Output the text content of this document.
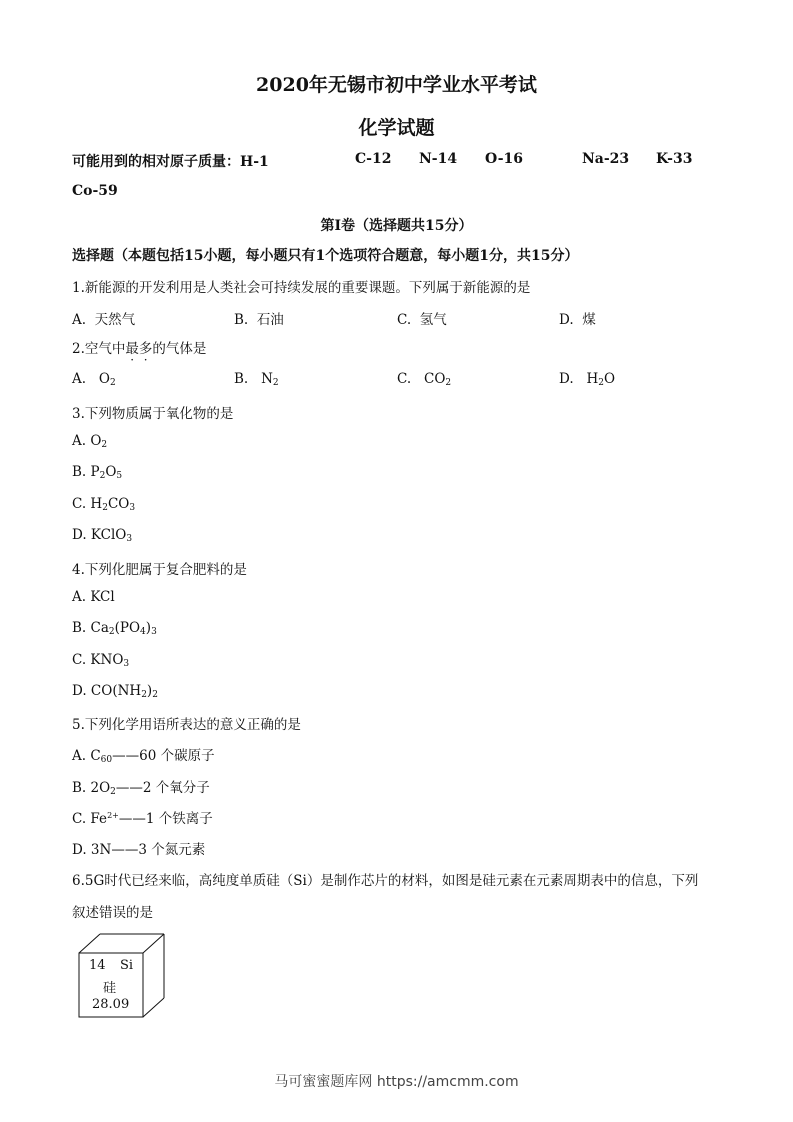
2020年无锡市初中学业水平考试
化学试题
可能用到的相对原子质量：H-1	C-12 N-14 O-16	Na-23 K-33
Co-59
第I卷（选择题共15分）
选择题（本题包括15小题，每小题只有1个选项符合题意，每小题1分，共15分）
1.新能源的开发利用是人类社会可持续发展的重要课题。下列属于新能源的是
A. 天然气	B. 石油	C. 氢气	D. 煤
2.空气中最多的气体是
A. $O_2$	B. $N_2$	C. $CO_2$	D. $H_2O$
3.下列物质属于氧化物的是
A. $O_2$
B. $P_2O_5$
C. $H_2CO_3$
D. KClO$_3$
4.下列化肥属于复合肥料的是
A. KCl
B. $Ca_2(PO_4)_3$
C. $KNO_3$
D. $CO(NH_2)_2$
5.下列化学用语所表达的意义正确的是
A. $C_{60}——60$ 个碳原子
B. $2O_2——2$ 个氧分子
C. $Fe^{2+}——1$ 个铁离子
D. 3N——3 个氮元素
6.5G时代已经来临，高纯度单质硅（Si）是制作芯片的材料，如图是硅元素在元素周期表中的信息，下列
叙述错误的是
14 Si
硅
28.09
马可蜜蜜题库网 https://amcmm.com
